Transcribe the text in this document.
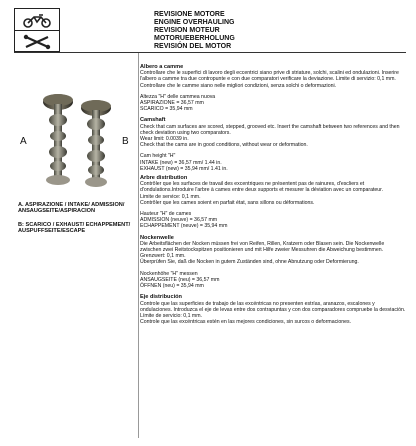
REVISIONE MOTORE
ENGINE OVERHAULING
REVISION MOTEUR
MOTORUEBERHOLUNG
REVISIÓN DEL MOTOR
A	B
A. ASPIRAZIONE / INTAKE/ ADMISSION/ ANSAUGSEITE/ASPIRACION
B: SCARICO / EXHAUST/ ECHAPPEMENT/ AUSPUFFSEITE/ESCAPE

Albero a camme

Controllare che le superfici di lavoro degli eccentrici siano prive di striature, solchi, scalini ed ondulazioni. Inserire l'albero a camme tra due contropunte e con due comparatori verificare la deviazione. Limite di servizio: 0,1 mm. Controllare che le camme siano nelle migliori condizioni, senza solchi o deformazioni.

Altezza "H" delle cammea nuova

ASPIRAZIONE = 36,57 mm

SCARICO = 35,94 mm

Camshaft

Check that cam surfaces are scored, stepped, grooved etc. Insert the camshaft between two references and then check deviation using two comparators.

Wear limit: 0.0039 in.

Check that the cams are in good conditions, without wear or deformation.

Cam height "H"

INTAKE (new) = 36,57 mm/ 1.44 in.

EXHAUST (new) = 35,94 mm/ 1.41 in.

Arbre distribution

Contrôler que les surfaces de travail des excentriques ne présentent pas de rainures, d'escliers et d'ondulations.Introduire l'arbre à cames entre deux supports et mesurer la déviation avec un comparateur.

Limite de service: 0,1 mm.

Contrôler que les cames soient en parfait état, sans sillons ou déformations.

Hauteur "H" de cames

ADMISSION (neuve) = 36,57 mm

ECHAPPEMENT (neuve) = 35,94 mm

Nockenwelle

Die Arbeitsflächen der Nocken müssen frei von Reifen, Rillen, Kratzern oder Blasen sein. Die Nockenwelle zwischen zwei Reitstockspitzen positionieren und mit Hilfe zweier Messuhren die Abweichung bestimmen.

Grenzwert: 0,1 mm.

Überprüfen Sie, daß die Nocken in gutem Zuständen sind, ohne Abnutzung oder Deformierung.

Nockenhöhe "H" messen

ANSAUGSEITE (neu) = 36,57 mm

ÖFFNEN (neu) = 35,94 mm

Eje distribución

Controle que las superficies de trabajo de las excéntricas no presenten estrías, aranazos, escalones y ondulaciones. Introduzca el eje de levas entre dos contrapuntas y con dos comparadores compruebe la desviación.

Límite de servicio: 0,1 mm.

Controle que las excéntricas estén en las mejores condiciones, sin surcos o deformaciones.
